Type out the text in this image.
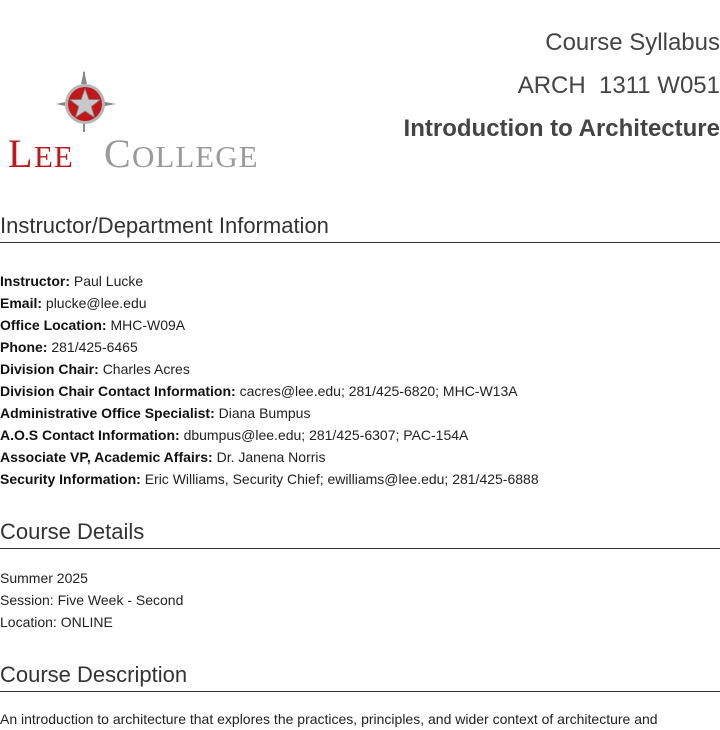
L EE C OLLEGE
Course Syllabus
ARCH  1311 W051
Introduction to Architecture
Instructor/Department Information

Instructor: Paul Lucke

Email: plucke@lee.edu

Office Location: MHC-W09A

Phone: 281/425-6465

Division Chair: Charles Acres

Division Chair Contact Information: cacres@lee.edu; 281/425-6820; MHC-W13A

Administrative Office Specialist: Diana Bumpus

A.O.S Contact Information: dbumpus@lee.edu; 281/425-6307; PAC-154A

Associate VP, Academic Affairs: Dr. Janena Norris

Security Information: Eric Williams, Security Chief; ewilliams@lee.edu; 281/425-6888

Course Details

Summer 2025

Session: Five Week - Second

Location: ONLINE

Course Description

An introduction to architecture that explores the practices, principles, and wider context of architecture and
